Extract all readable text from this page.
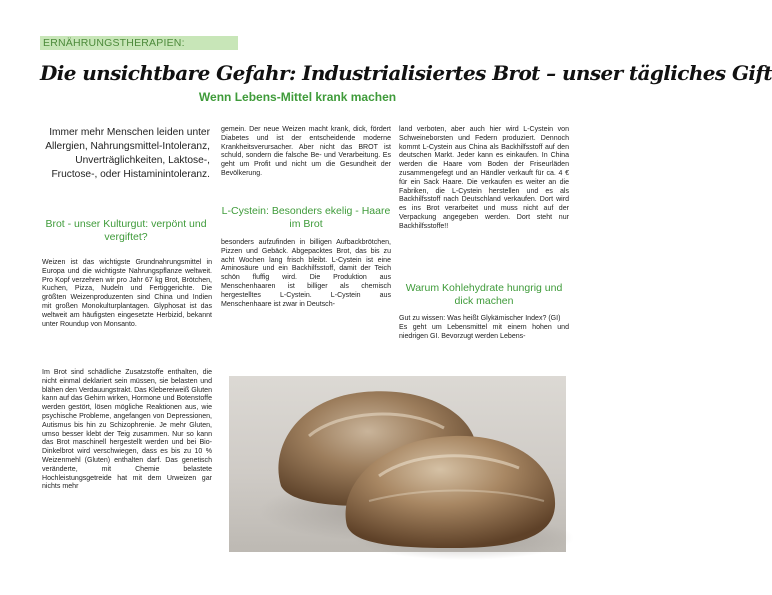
ERNÄHRUNGSTHERAPIEN:
Die unsichtbare Gefahr: Industrialisiertes Brot – unser tägliches Gift
Wenn Lebens-Mittel krank machen
Immer mehr Menschen leiden unter Allergien, Nahrungsmittel-Intoleranz, Unverträglichkeiten, Laktose-, Fructose-, oder Histaminintoleranz.
Brot - unser Kulturgut: verpönt und vergiftet?

Weizen ist das wichtigste Grundnahrungsmittel in Europa und die wichtigste Nahrungspflanze weltweit. Pro Kopf verzehren wir pro Jahr 67 kg Brot, Brötchen, Kuchen, Pizza, Nudeln und Fertiggerichte. Die größten Weizenproduzenten sind China und Indien mit großen Monokulturplantagen. Glyphosat ist das weltweit am häufigsten eingesetzte Herbizid, bekannt unter Roundup von Monsanto.

Im Brot sind schädliche Zusatzstoffe enthalten, die nicht einmal deklariert sein müssen, sie belasten und blähen den Verdauungstrakt. Das Klebereiweiß Gluten kann auf das Gehirn wirken, Hormone und Botenstoffe werden gestört, lösen mögliche Reaktionen aus, wie psychische Probleme, angefangen von Depressionen, Autismus bis hin zu Schizophrenie. Je mehr Gluten, umso besser klebt der Teig zusammen. Nur so kann das Brot maschinell hergestellt werden und bei Bio-Dinkelbrot wird verschwiegen, dass es bis zu 10 % Weizenmehl (Gluten) enthalten darf. Das genetisch veränderte, mit Chemie belastete Hochleistungsgetreide hat mit dem Urweizen gar nichts mehr

gemein. Der neue Weizen macht krank, dick, fördert Diabetes und ist der entscheidende moderne Krankheitsverursacher. Aber nicht das BROT ist schuld, sondern die falsche Be- und Verarbeitung. Es geht um Profit und nicht um die Gesundheit der Bevölkerung.

L-Cystein: Besonders ekelig - Haare im Brot

besonders aufzufinden in billigen Aufbackbrötchen, Pizzen und Gebäck. Abgepacktes Brot, das bis zu acht Wochen lang frisch bleibt. L-Cystein ist eine Aminosäure und ein Backhilfsstoff, damit der Teich schön fluffig wird. Die Produktion aus Menschenhaaren ist billiger als chemisch hergestelltes L-Cystein. L-Cystein aus Menschenhaare ist zwar in Deutsch-

land verboten, aber auch hier wird L-Cystein von Schweineborsten und Federn produziert. Dennoch kommt L-Cystein aus China als Backhilfsstoff auf den deutschen Markt. Jeder kann es einkaufen. In China werden die Haare vom Boden der Friseurläden zusammengefegt und an Händler verkauft für ca. 4 € für ein Sack Haare. Die verkaufen es weiter an die Fabriken, die L-Cystein herstellen und es als Backhilfsstoff nach Deutschland verkaufen. Dort wird es ins Brot verarbeitet und muss nicht auf der Verpackung angegeben werden. Dort steht nur Backhilfsstoffe!!

Warum Kohlehydrate hungrig und dick machen

Gut zu wissen: Was heißt Glykämischer Index? (GI)

Es geht um Lebensmittel mit einem hohen und niedrigen GI. Bevorzugt werden Lebens-
